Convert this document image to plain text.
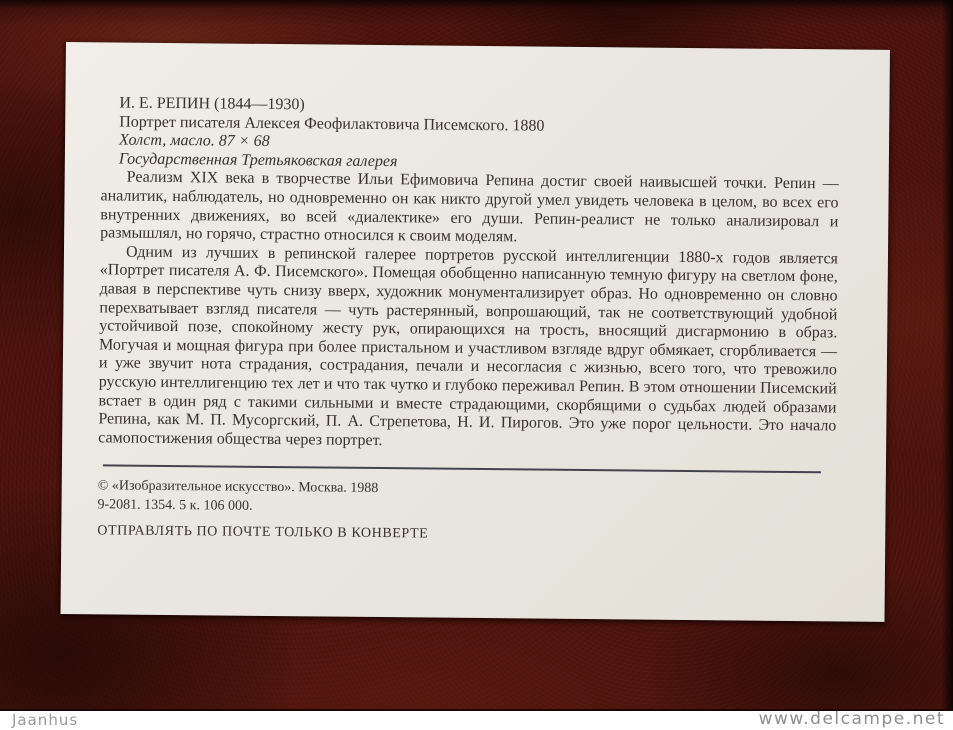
И. Е. РЕПИН (1844—1930)
Портрет писателя Алексея Феофилактовича Писемского. 1880
Холст, масло. 87 × 68
Государственная Третьяковская галерея

Реализм XIX века в творчестве Ильи Ефимовича Репина достиг своей наивысшей точки. Репин — аналитик, наблюдатель, но одновременно он как никто другой умел увидеть человека в целом, во всех его внутренних движениях, во всей «диалектике» его души. Репин-реалист не только анализировал и размышлял, но горячо, страстно относился к своим моделям.

Одним из лучших в репинской галерее портретов русской интеллигенции 1880-х годов является «Портрет писателя А. Ф. Писемского». Помещая обобщенно написанную темную фигуру на светлом фоне, давая в перспективе чуть снизу вверх, художник монументализирует образ. Но одновременно он словно перехватывает взгляд писателя — чуть растерянный, вопрошающий, так не соответствующий удобной устойчивой позе, спокойному жесту рук, опирающихся на трость, вносящий дисгармонию в образ. Могучая и мощная фигура при более пристальном и участливом взгляде вдруг обмякает, сгорбливается — и уже звучит нота страдания, сострадания, печали и несогласия с жизнью, всего того, что тревожило русскую интеллигенцию тех лет и что так чутко и глубоко переживал Репин. В этом отношении Писемский встает в один ряд с такими сильными и вместе страдающими, скорбящими о судьбах людей образами Репина, как М. П. Мусоргский, П. А. Стрепетова, Н. И. Пирогов. Это уже порог цельности. Это начало самопостижения общества через портрет.

© «Изобразительное искусство». Москва. 1988
9-2081. 1354. 5 к. 106 000.
ОТПРАВЛЯТЬ ПО ПОЧТЕ ТОЛЬКО В КОНВЕРТЕ
Jaanhus	www.delcampe.net
